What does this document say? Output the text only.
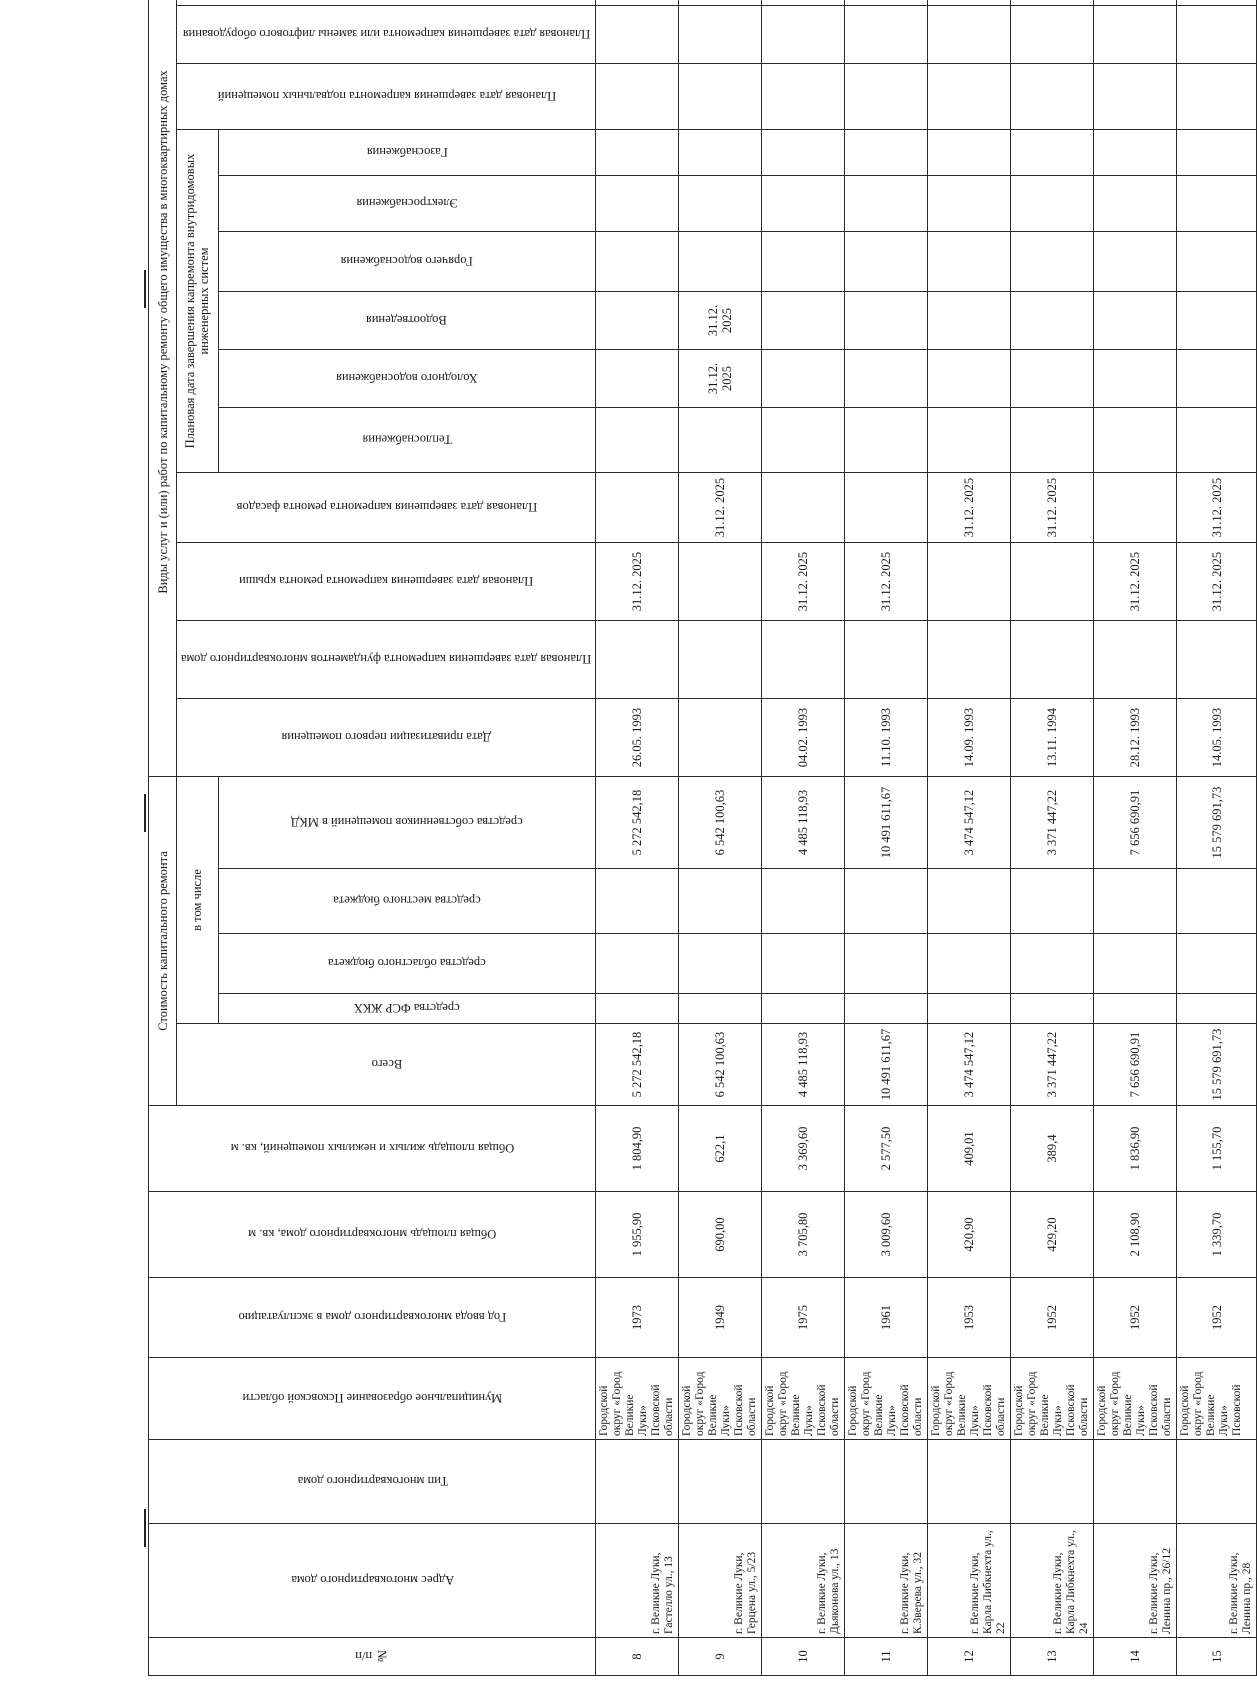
№ п/п	Адрес многоквартирного дома	Тип многоквартирного дома	Муниципальное образование Псковской области	Год ввода многоквартирного дома в эксплуатацию	Общая площадь многоквартирного дома, кв. м	Общая площадь жилых и нежилых помещений, кв. м	Стоимость капитального ремонта					Виды услуг и (или) работ по капитальному ремонту общего имущества в многоквартирных домах													
							Всего	в том числе				Дата приватизации первого помещения	Плановая дата завершения капремонта фундаментов многоквартирного дома	Плановая дата завершения капремонта ремонта крыши	Плановая дата завершения капремонта ремонта фасадов	Плановая дата завершения капремонта внутридомовых инженерных систем						Плановая дата завершения капремонта подвальных помещений	Плановая дата завершения капремонта или замены лифтового оборудования		
								средства ФСР ЖКХ	средства областного бюджета	средства местного бюджета	средства собственников помещений в МКД					Теплоснабжения	Холодного водоснабжения	Водоотведения	Горячего водоснабжения	Электроснабжения	Газоснабжения				
8	г. Великие Луки, Гастелло ул., 13		Городской округ «Город Великие Луки» Псковской области	1973	1 955,90	1 804,90	5 272 542,18				5 272 542,18	26.05. 1993		31.12. 2025											
9	г. Великие Луки, Герцена ул., 5/23		Городской округ «Город Великие Луки» Псковской области	1949	690,00	622,1	6 542 100,63				6 542 100,63				31.12. 2025		31.12. 2025	31.12. 2025							
10	г. Великие Луки, Дьяконова ул., 13		Городской округ «Город Великие Луки» Псковской области	1975	3 705,80	3 369,60	4 485 118,93				4 485 118,93	04.02. 1993		31.12. 2025											
11	г. Великие Луки, К.Зверева ул., 32		Городской округ «Город Великие Луки» Псковской области	1961	3 009,60	2 577,50	10 491 611,67				10 491 611,67	11.10. 1993		31.12. 2025											
12	г. Великие Луки, Карла Либкнехта ул., 22		Городской округ «Город Великие Луки» Псковской области	1953	420,90	409,01	3 474 547,12				3 474 547,12	14.09. 1993			31.12. 2025										
13	г. Великие Луки, Карла Либкнехта ул., 24		Городской округ «Город Великие Луки» Псковской области	1952	429,20	389,4	3 371 447,22				3 371 447,22	13.11. 1994			31.12. 2025										
14	г. Великие Луки, Ленина пр., 26/12		Городской округ «Город Великие Луки» Псковской области	1952	2 108,90	1 836,90	7 656 690,91				7 656 690,91	28.12. 1993		31.12. 2025											
15	г. Великие Луки, Ленина пр., 28		Городской округ «Город Великие Луки» Псковской	1952	1 339,70	1 155,70	15 579 691,73				15 579 691,73	14.05. 1993		31.12. 2025	31.12. 2025										
